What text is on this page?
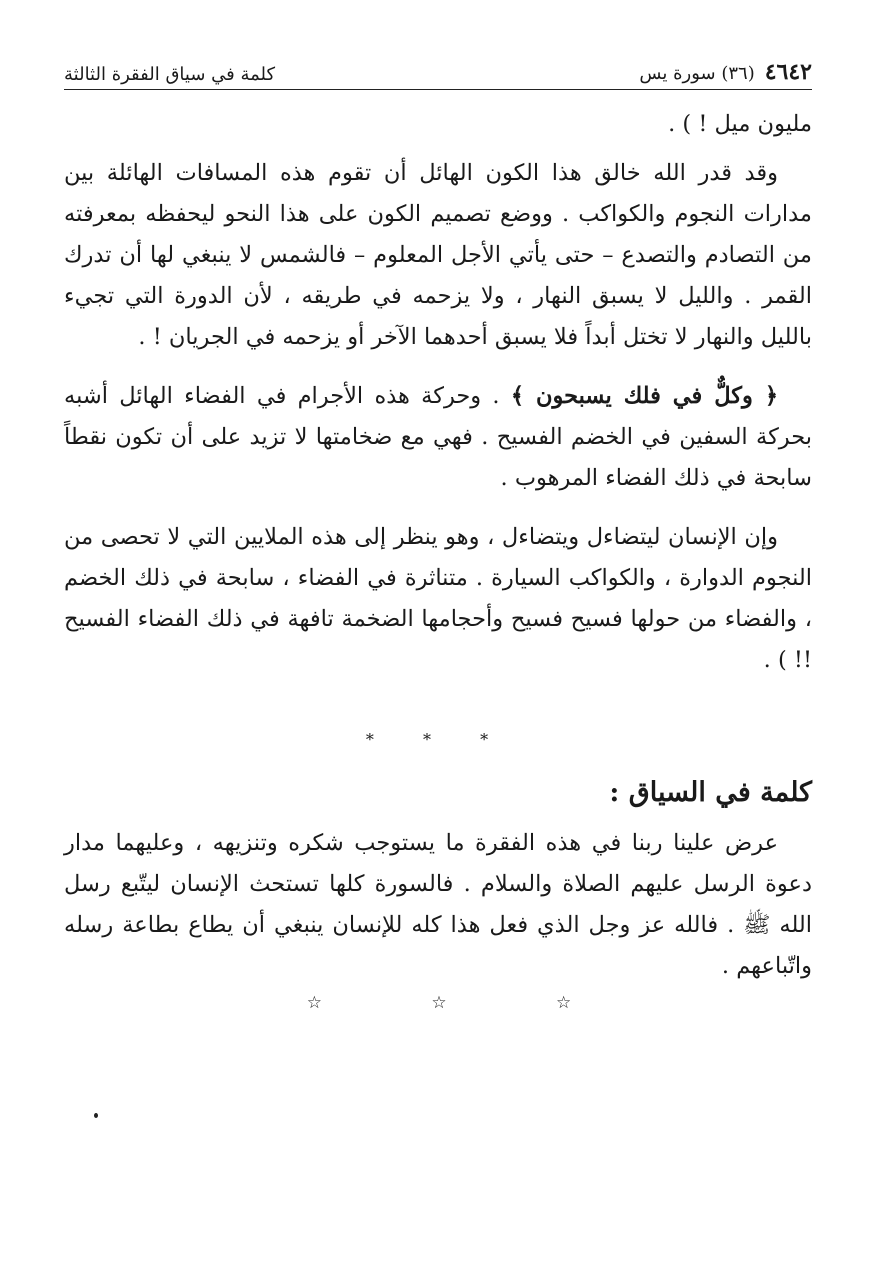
٤٦٤٢
(٣٦) سورة يس
كلمة في سياق الفقرة الثالثة

مليون ميل ! ) .

وقد قدر الله خالق هذا الكون الهائل أن تقوم هذه المسافات الهائلة بين مدارات النجوم والكواكب . ووضع تصميم الكون على هذا النحو ليحفظه بمعرفته من التصادم والتصدع – حتى يأتي الأجل المعلوم – فالشمس لا ينبغي لها أن تدرك القمر . والليل لا يسبق النهار ، ولا يزحمه في طريقه ، لأن الدورة التي تجيء بالليل والنهار لا تختل أبداً فلا يسبق أحدهما الآخر أو يزحمه في الجريان ! .

﴿ وكلٌّ في فلك يسبحون ﴾ . وحركة هذه الأجرام في الفضاء الهائل أشبه بحركة السفين في الخضم الفسيح . فهي مع ضخامتها لا تزيد على أن تكون نقطاً سابحة في ذلك الفضاء المرهوب .

وإن الإنسان ليتضاءل ويتضاءل ، وهو ينظر إلى هذه الملايين التي لا تحصى من النجوم الدوارة ، والكواكب السيارة . متناثرة في الفضاء ، سابحة في ذلك الخضم ، والفضاء من حولها فسيح فسيح وأحجامها الضخمة تافهة في ذلك الفضاء الفسيح !! ) .

* * *
كلمة في السياق :

عرض علينا ربنا في هذه الفقرة ما يستوجب شكره وتنزيهه ، وعليهما مدار دعوة الرسل عليهم الصلاة والسلام . فالسورة كلها تستحث الإنسان ليتّبع رسل الله ﷺ . فالله عز وجل الذي فعل هذا كله للإنسان ينبغي أن يطاع بطاعة رسله واتّباعهم .

☆ ☆ ☆
